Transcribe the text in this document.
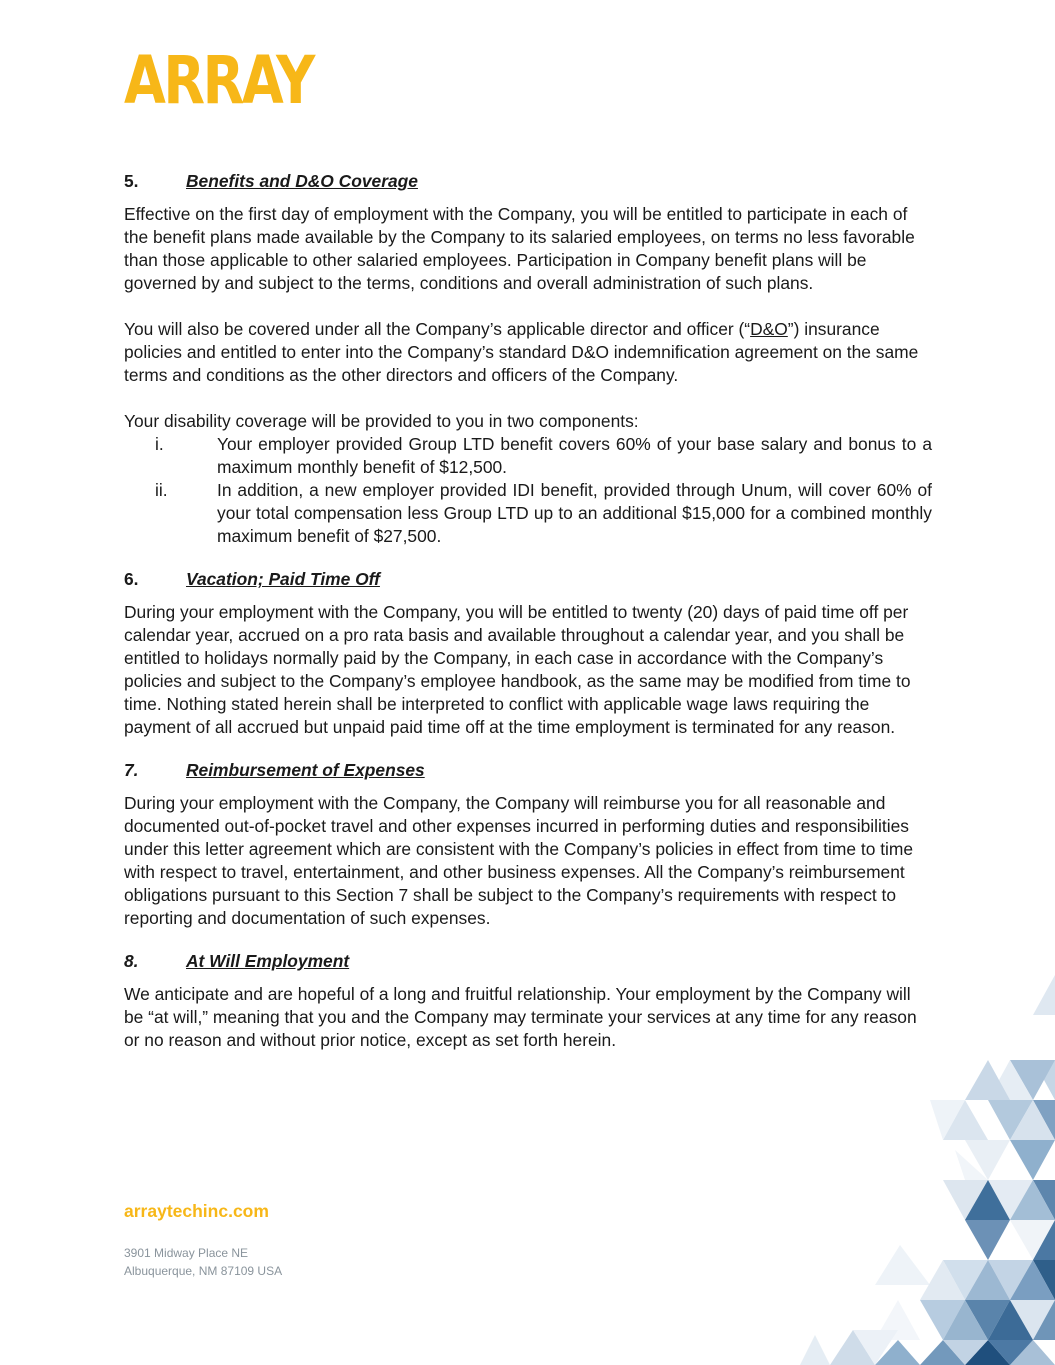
ARRAY
5.	Benefits and D&O Coverage

Effective on the first day of employment with the Company, you will be entitled to participate in each of the benefit plans made available by the Company to its salaried employees, on terms no less favorable than those applicable to other salaried employees. Participation in Company benefit plans will be governed by and subject to the terms, conditions and overall administration of such plans.

You will also be covered under all the Company’s applicable director and officer (“D&O”) insurance policies and entitled to enter into the Company’s standard D&O indemnification agreement on the same terms and conditions as the other directors and officers of the Company.

Your disability coverage will be provided to you in two components:

i.	Your employer provided Group LTD benefit covers 60% of your base salary and bonus to a maximum monthly benefit of $12,500.
ii.	In addition, a new employer provided IDI benefit, provided through Unum, will cover 60% of your total compensation less Group LTD up to an additional $15,000 for a combined monthly maximum benefit of $27,500.
6.	Vacation; Paid Time Off

During your employment with the Company, you will be entitled to twenty (20) days of paid time off per calendar year, accrued on a pro rata basis and available throughout a calendar year, and you shall be entitled to holidays normally paid by the Company, in each case in accordance with the Company’s policies and subject to the Company’s employee handbook, as the same may be modified from time to time. Nothing stated herein shall be interpreted to conflict with applicable wage laws requiring the payment of all accrued but unpaid paid time off at the time employment is terminated for any reason.

7.	Reimbursement of Expenses

During your employment with the Company, the Company will reimburse you for all reasonable and documented out-of-pocket travel and other expenses incurred in performing duties and responsibilities under this letter agreement which are consistent with the Company’s policies in effect from time to time with respect to travel, entertainment, and other business expenses. All the Company’s reimbursement obligations pursuant to this Section 7 shall be subject to the Company’s requirements with respect to reporting and documentation of such expenses.

8.	At Will Employment

We anticipate and are hopeful of a long and fruitful relationship. Your employment by the Company will be “at will,” meaning that you and the Company may terminate your services at any time for any reason or no reason and without prior notice, except as set forth herein.

arraytechinc.com
3901 Midway Place NE
Albuquerque, NM 87109 USA
